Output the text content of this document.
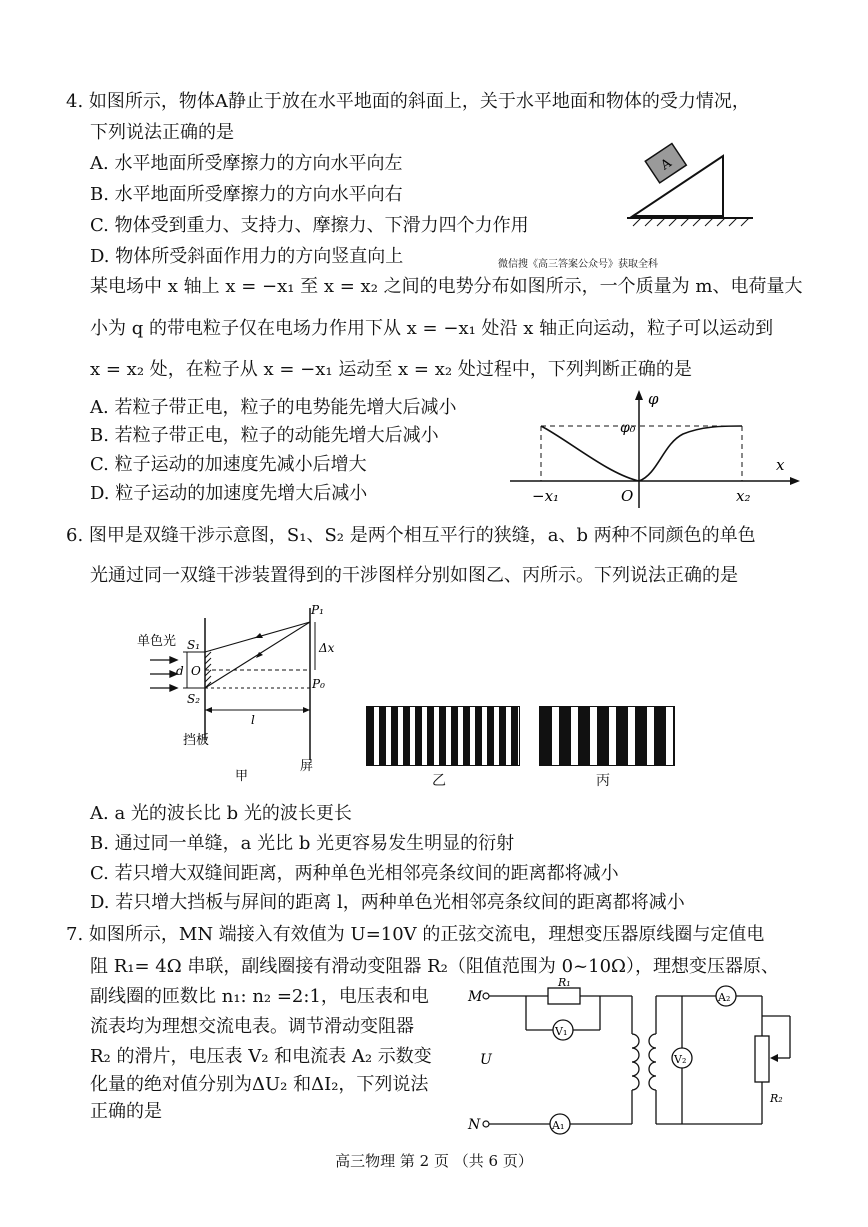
4. 如图所示，物体A静止于放在水平地面的斜面上，关于水平地面和物体的受力情况，
下列说法正确的是
A. 水平地面所受摩擦力的方向水平向左
B. 水平地面所受摩擦力的方向水平向右
C. 物体受到重力、支持力、摩擦力、下滑力四个力作用
D. 物体所受斜面作用力的方向竖直向上	微信搜《高三答案公众号》获取全科
A
某电场中 x 轴上 x = −x₁ 至 x = x₂ 之间的电势分布如图所示，一个质量为 m、电荷量大
小为 q 的带电粒子仅在电场力作用下从 x = −x₁ 处沿 x 轴正向运动，粒子可以运动到
x = x₂ 处，在粒子从 x = −x₁ 运动至 x = x₂ 处过程中，下列判断正确的是
A. 若粒子带正电，粒子的电势能先增大后减小
B. 若粒子带正电，粒子的动能先增大后减小
C. 粒子运动的加速度先减小后增大
D. 粒子运动的加速度先增大后减小
φ
x
φ₀
O
−x₁	x₂
6. 图甲是双缝干涉示意图，S₁、S₂ 是两个相互平行的狭缝，a、b 两种不同颜色的单色
光通过同一双缝干涉装置得到的干涉图样分别如图乙、丙所示。下列说法正确的是
单色光 S₁
S₂
O
d
P₁
P₀
Δx
l
挡板
屏
甲	乙	丙
A. a 光的波长比 b 光的波长更长
B. 通过同一单缝，a 光比 b 光更容易发生明显的衍射
C. 若只增大双缝间距离，两种单色光相邻亮条纹间的距离都将减小
D. 若只增大挡板与屏间的距离 l，两种单色光相邻亮条纹间的距离都将减小
7. 如图所示，MN 端接入有效值为 U=10V 的正弦交流电，理想变压器原线圈与定值电
阻 R₁= 4Ω 串联，副线圈接有滑动变阻器 R₂（阻值范围为 0~10Ω），理想变压器原、
副线圈的匝数比 n₁: n₂ =2:1，电压表和电
流表均为理想交流电表。调节滑动变阻器
R₂ 的滑片，电压表 V₂ 和电流表 A₂ 示数变
化量的绝对值分别为ΔU₂ 和ΔI₂，下列说法
正确的是
M
N
U
R₁
V₁
A₁
A₂
V₂
R₂
高三物理 第 2 页 （共 6 页）
